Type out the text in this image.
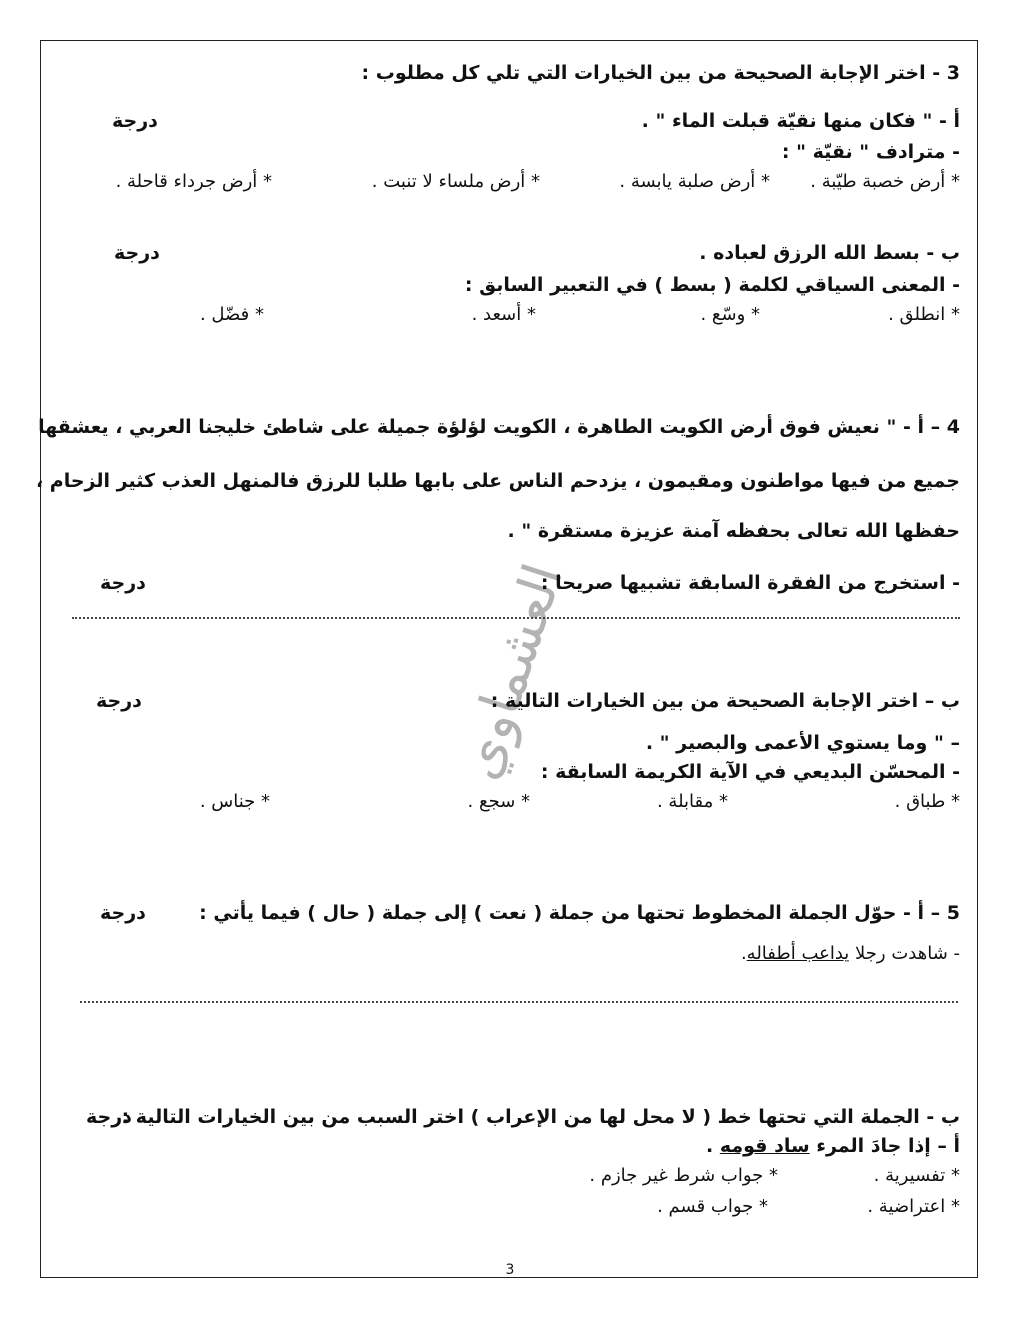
العشماوي
3 - اختر الإجابة الصحيحة من بين الخيارات التي تلي كل مطلوب :
أ - " فكان منها نقيّة قبلت الماء " .
درجة
- مترادف " نقيّة " :
* أرض خصبة طيّبة .
* أرض صلبة يابسة .
* أرض ملساء لا تنبت .
* أرض جرداء قاحلة .
ب - بسط الله الرزق لعباده .
درجة
- المعنى السياقي لكلمة ( بسط ) في التعبير السابق :
* انطلق .
* وسّع .
* أسعد .
* فضّل .
4 – أ - " نعيش فوق أرض الكويت الطاهرة ، الكويت لؤلؤة جميلة على شاطئ خليجنا العربي ، يعشقها
جميع من فيها مواطنون ومقيمون ، يزدحم الناس على بابها طلبا للرزق فالمنهل العذب كثير الزحام ،
حفظها الله تعالى بحفظه آمنة عزيزة مستقرة " .
- استخرج من الفقرة السابقة تشبيها صريحا :
درجة
ب – اختر الإجابة الصحيحة من بين الخيارات التالية :
درجة
– " وما يستوي الأعمى والبصير " .
- المحسّن البديعي في الآية الكريمة السابقة :
* طباق .
* مقابلة .
* سجع .
* جناس .
5 – أ - حوّل الجملة المخطوط تحتها من جملة ( نعت ) إلى جملة ( حال ) فيما يأتي :
درجة
- شاهدت رجلا يداعب أطفاله.
ب - الجملة التي تحتها خط ( لا محل لها من الإعراب ) اختر السبب من بين الخيارات التالية :
درجة
أ – إذا جادَ المرء ساد قومه .
* تفسيرية .
* جواب شرط غير جازم .
* اعتراضية .
* جواب قسم .
3
